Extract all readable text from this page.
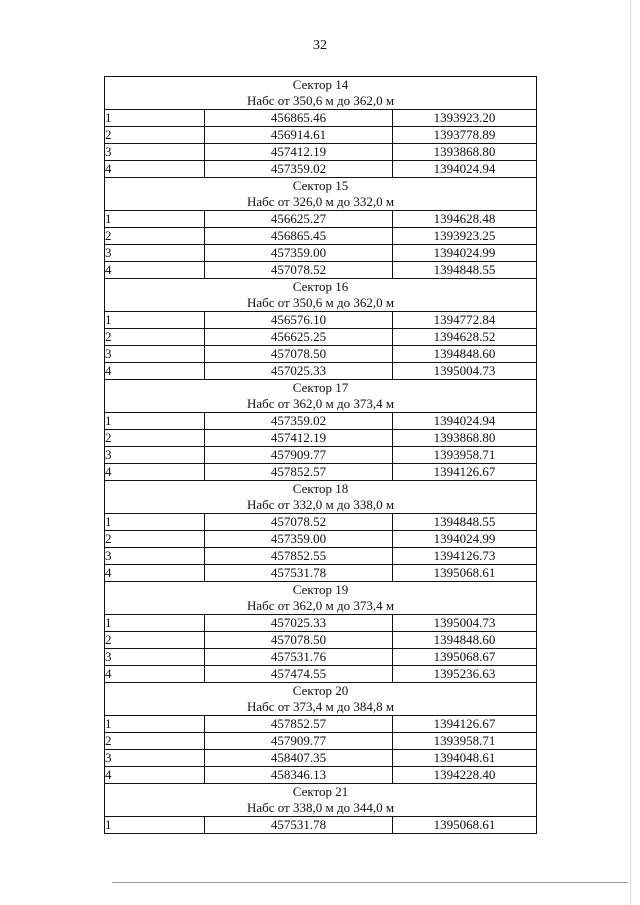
32
Сектор 14
Набс от 350,6 м до 362,0 м		

1	456865.46	1393923.20
2	456914.61	1393778.89
3	457412.19	1393868.80
4	457359.02	1394024.94

Сектор 15
Набс от 326,0 м до 332,0 м		

1	456625.27	1394628.48
2	456865.45	1393923.25
3	457359.00	1394024.99
4	457078.52	1394848.55

Сектор 16
Набс от 350,6 м до 362,0 м		

1	456576.10	1394772.84
2	456625.25	1394628.52
3	457078.50	1394848.60
4	457025.33	1395004.73

Сектор 17
Набс от 362,0 м до 373,4 м		

1	457359.02	1394024.94
2	457412.19	1393868.80
3	457909.77	1393958.71
4	457852.57	1394126.67

Сектор 18
Набс от 332,0 м до 338,0 м		

1	457078.52	1394848.55
2	457359.00	1394024.99
3	457852.55	1394126.73
4	457531.78	1395068.61

Сектор 19
Набс от 362,0 м до 373,4 м		

1	457025.33	1395004.73
2	457078.50	1394848.60
3	457531.76	1395068.67
4	457474.55	1395236.63

Сектор 20
Набс от 373,4 м до 384,8 м		

1	457852.57	1394126.67
2	457909.77	1393958.71
3	458407.35	1394048.61
4	458346.13	1394228.40

Сектор 21
Набс от 338,0 м до 344,0 м		

1	457531.78	1395068.61
